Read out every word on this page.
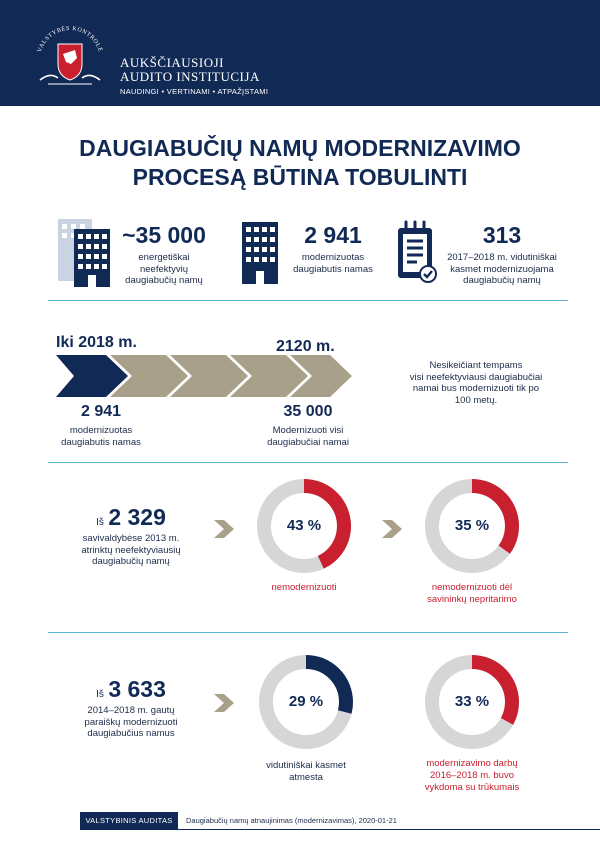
VALSTYBĖS KONTROLĖ
AUKŠČIAUSIOJI
AUDITO INSTITUCIJA
NAUDINGI • VERTINAMI • ATPAŽĮSTAMI
DAUGIABUČIŲ NAMŲ MODERNIZAVIMO
PROCESĄ BŪTINA TOBULINTI
~35 000
energetiškai
neefektyvių
daugiabučių namų
2 941
modernizuotas
daugiabutis namas
313
2017–2018 m. vidutiniškai
kasmet modernizuojama
daugiabučių namų
Iki 2018 m.	2120 m.
2 941
modernizuotas
daugiabutis namas
35 000
Modernizuoti visi
daugiabučiai namai
Nesikeičiant tempams
visi neefektyviausi daugiabučiai
namai bus modernizuoti tik po
100 metų.
Iš 2 329
savivaldybėse 2013 m.
atrinktų neefektyviausių
daugiabučių namų
43 %
nemodernizuoti
35 %
nemodernizuoti dėl
savininkų nepritarimo
Iš 3 633
2014–2018 m. gautų
paraiškų modernizuoti
daugiabučius namus
29 %
vidutiniškai kasmet
atmesta
33 %
modernizavimo darbų
2016–2018 m. buvo
vykdoma su trūkumais
VALSTYBINIS AUDITAS	Daugiabučių namų atnaujinimas (modernizavimas), 2020-01-21
